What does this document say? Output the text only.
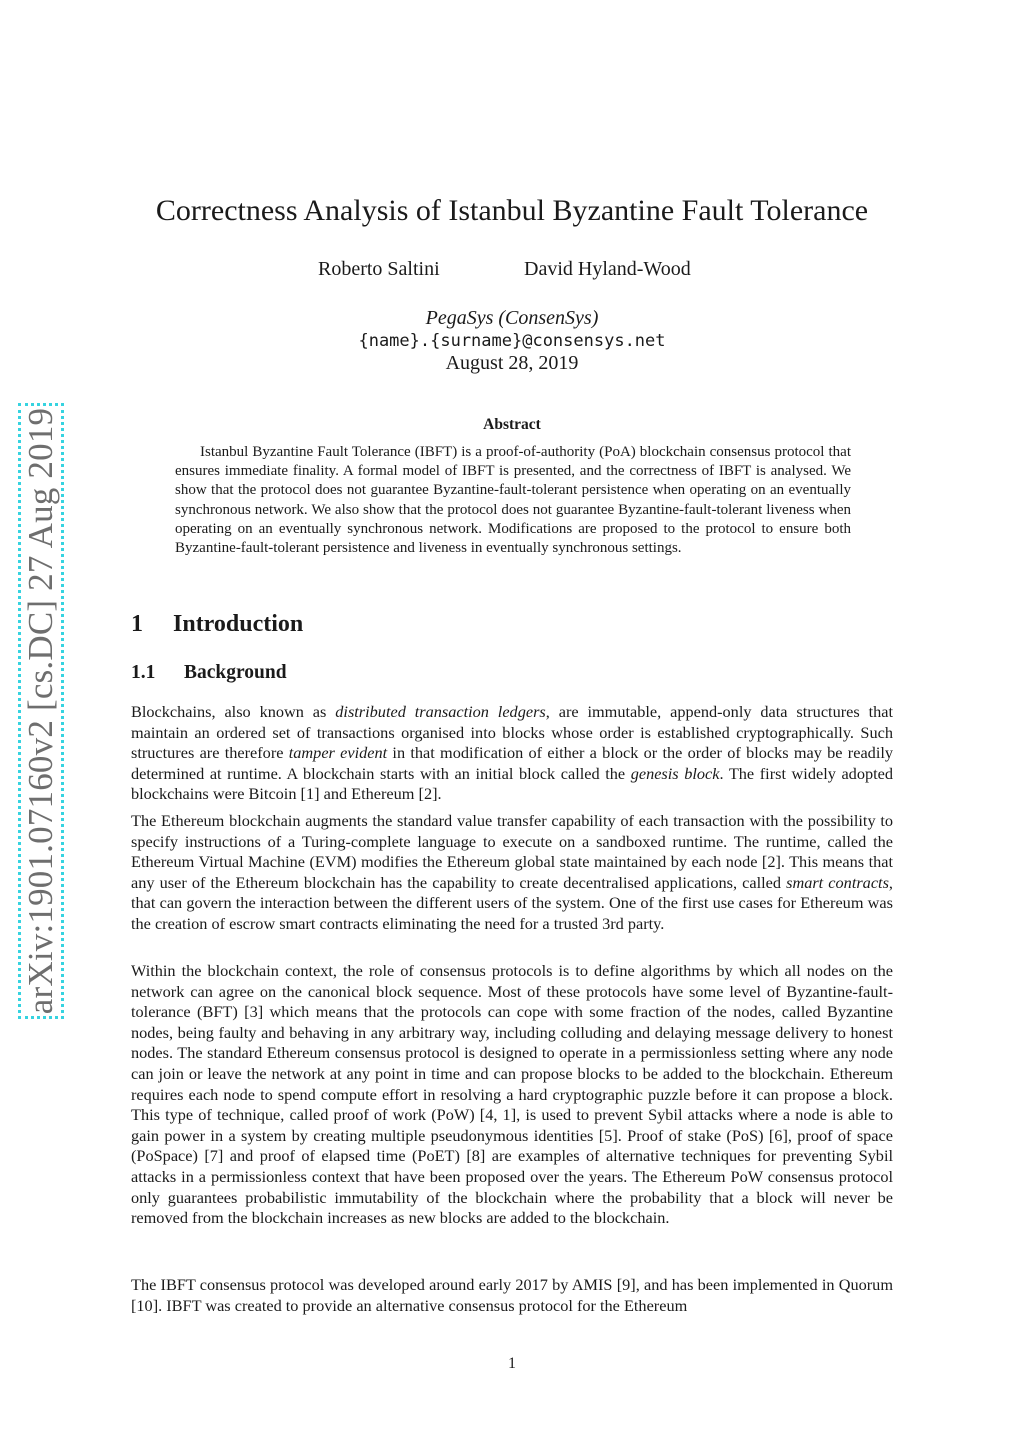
arXiv:1901.07160v2 [cs.DC] 27 Aug 2019
Correctness Analysis of Istanbul Byzantine Fault Tolerance
Roberto Saltini	David Hyland-Wood
PegaSys (ConsenSys)
{name}.{surname}@consensys.net
August 28, 2019
Abstract

Istanbul Byzantine Fault Tolerance (IBFT) is a proof-of-authority (PoA) blockchain consensus protocol that ensures immediate finality. A formal model of IBFT is presented, and the correctness of IBFT is analysed. We show that the protocol does not guarantee Byzantine-fault-tolerant persistence when operating on an eventually synchronous network. We also show that the protocol does not guarantee Byzantine-fault-tolerant liveness when operating on an eventually synchronous network. Modifications are proposed to the protocol to ensure both Byzantine-fault-tolerant persistence and liveness in eventually synchronous settings.

1 Introduction
1.1 Background

Blockchains, also known as distributed transaction ledgers, are immutable, append-only data structures that maintain an ordered set of transactions organised into blocks whose order is established cryptographically. Such structures are therefore tamper evident in that modification of either a block or the order of blocks may be readily determined at runtime. A blockchain starts with an initial block called the genesis block. The first widely adopted blockchains were Bitcoin [1] and Ethereum [2].

The Ethereum blockchain augments the standard value transfer capability of each transaction with the possibility to specify instructions of a Turing-complete language to execute on a sandboxed runtime. The runtime, called the Ethereum Virtual Machine (EVM) modifies the Ethereum global state maintained by each node [2]. This means that any user of the Ethereum blockchain has the capability to create decentralised applications, called smart contracts, that can govern the interaction between the different users of the system. One of the first use cases for Ethereum was the creation of escrow smart contracts eliminating the need for a trusted 3rd party.

Within the blockchain context, the role of consensus protocols is to define algorithms by which all nodes on the network can agree on the canonical block sequence. Most of these protocols have some level of Byzantine-fault-tolerance (BFT) [3] which means that the protocols can cope with some fraction of the nodes, called Byzantine nodes, being faulty and behaving in any arbitrary way, including colluding and delaying message delivery to honest nodes. The standard Ethereum consensus protocol is designed to operate in a permissionless setting where any node can join or leave the network at any point in time and can propose blocks to be added to the blockchain. Ethereum requires each node to spend compute effort in resolving a hard cryptographic puzzle before it can propose a block. This type of technique, called proof of work (PoW) [4, 1], is used to prevent Sybil attacks where a node is able to gain power in a system by creating multiple pseudonymous identities [5]. Proof of stake (PoS) [6], proof of space (PoSpace) [7] and proof of elapsed time (PoET) [8] are examples of alternative techniques for preventing Sybil attacks in a permissionless context that have been proposed over the years. The Ethereum PoW consensus protocol only guarantees probabilistic immutability of the blockchain where the probability that a block will never be removed from the blockchain increases as new blocks are added to the blockchain.

The IBFT consensus protocol was developed around early 2017 by AMIS [9], and has been implemented in Quorum [10]. IBFT was created to provide an alternative consensus protocol for the Ethereum

1
